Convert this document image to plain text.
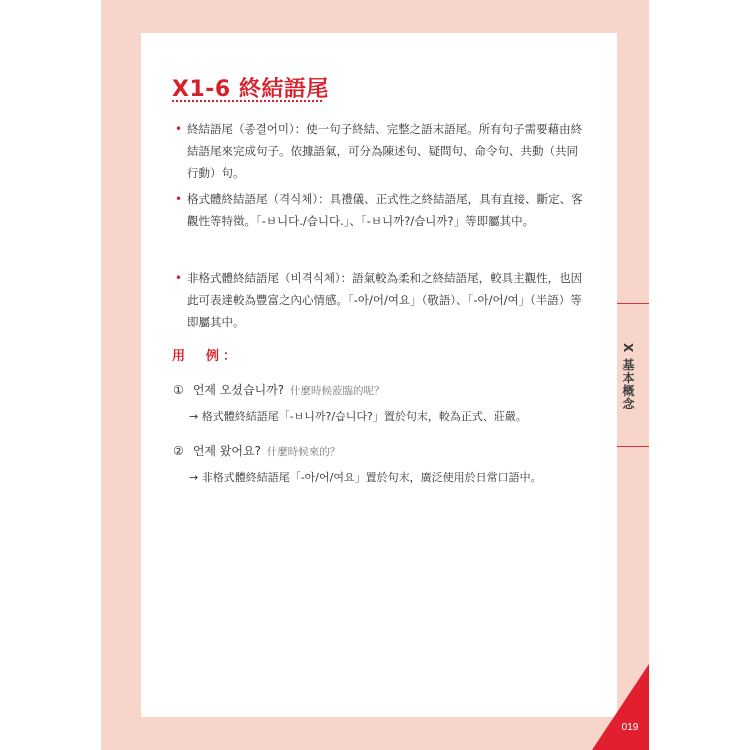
X1-6 終結語尾
• 終結語尾（종결어미）：使一句子終結、完整之語末語尾。所有句子需要藉由終結語尾來完成句子。依據語氣，可分為陳述句、疑問句、命令句、共動（共同行動）句。
• 格式體終結語尾（격식체）：具禮儀、正式性之終結語尾，具有直接、斷定、客觀性等特徵。「-ㅂ니다./습니다.」、「-ㅂ니까?/습니까?」等即屬其中。
• 非格式體終結語尾（비격식체）：語氣較為柔和之終結語尾，較具主觀性，也因此可表達較為豐富之內心情感。「-아/어/여요」（敬語）、「-아/어/여」（半語）等即屬其中。
用　例：
① 언제 오셨습니까? 什麼時候蒞臨的呢？
→ 格式體終結語尾「-ㅂ니까?/습니다?」置於句末，較為正式、莊嚴。
② 언제 왔어요? 什麼時候來的？
→ 非格式體終結語尾「-아/어/여요」置於句末，廣泛使用於日常口語中。
X 基本概念
019
